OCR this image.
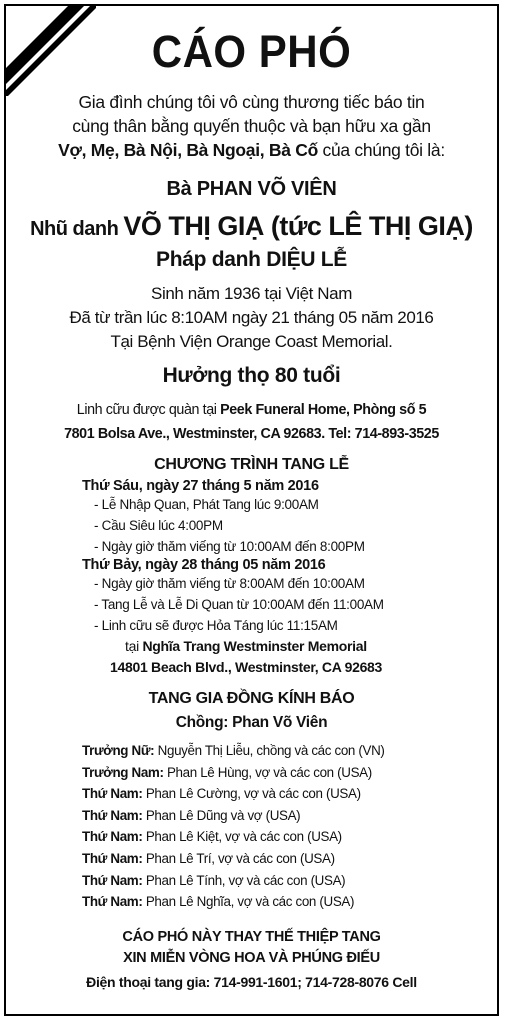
CÁO PHÓ
Gia đình chúng tôi vô cùng thương tiếc báo tin
cùng thân bằng quyến thuộc và bạn hữu xa gần
Vợ, Mẹ, Bà Nội, Bà Ngoại, Bà Cố của chúng tôi là:
Bà PHAN VÕ VIÊN
Nhũ danh VÕ THỊ GIẠ (tức LÊ THỊ GIẠ)
Pháp danh DIỆU LỄ
Sinh năm 1936 tại Việt Nam
Đã từ trần lúc 8:10AM ngày 21 tháng 05 năm 2016
Tại Bệnh Viện Orange Coast Memorial.
Hưởng thọ 80 tuổi
Linh cữu được quàn tại Peek Funeral Home, Phòng số 5
7801 Bolsa Ave., Westminster, CA 92683. Tel: 714-893-3525
CHƯƠNG TRÌNH TANG LỄ
Thứ Sáu, ngày 27 tháng 5 năm 2016
- Lễ Nhập Quan, Phát Tang lúc 9:00AM
- Cầu Siêu lúc 4:00PM
- Ngày giờ thăm viếng từ 10:00AM đến 8:00PM
Thứ Bảy, ngày 28 tháng 05 năm 2016
- Ngày giờ thăm viếng từ 8:00AM đến 10:00AM
- Tang Lễ và Lễ Di Quan từ 10:00AM đến 11:00AM
- Linh cữu sẽ được Hỏa Táng lúc 11:15AM
tại Nghĩa Trang Westminster Memorial
14801 Beach Blvd., Westminster, CA 92683
TANG GIA ĐỒNG KÍNH BÁO
Chồng: Phan Võ Viên
Trưởng Nữ: Nguyễn Thị Liễu, chồng và các con (VN)
Trưởng Nam: Phan Lê Hùng, vợ và các con (USA)
Thứ Nam: Phan Lê Cường, vợ và các con (USA)
Thứ Nam: Phan Lê Dũng và vợ (USA)
Thứ Nam: Phan Lê Kiệt, vợ và các con (USA)
Thứ Nam: Phan Lê Trí, vợ và các con (USA)
Thứ Nam: Phan Lê Tính, vợ và các con (USA)
Thứ Nam: Phan Lê Nghĩa, vợ và các con (USA)
CÁO PHÓ NÀY THAY THẾ THIỆP TANG
XIN MIỄN VÒNG HOA VÀ PHÚNG ĐIẾU
Điện thoại tang gia: 714-991-1601; 714-728-8076 Cell
